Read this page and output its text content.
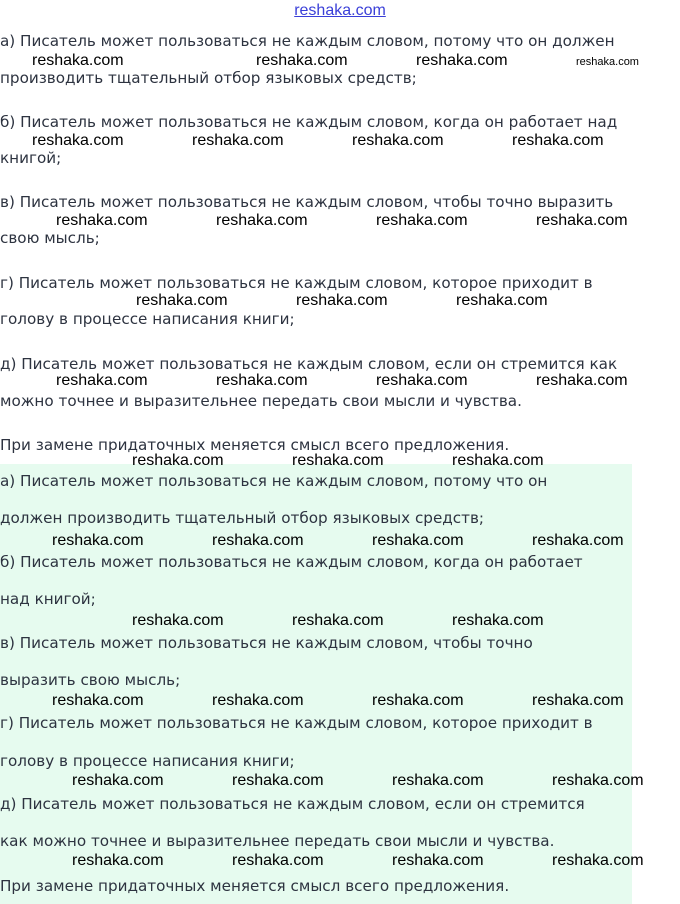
reshaka.com
а) Писатель может пользоваться не каждым словом, потому что он должен
производить тщательный отбор языковых средств;
б) Писатель может пользоваться не каждым словом, когда он работает над
книгой;
в) Писатель может пользоваться не каждым словом, чтобы точно выразить
свою мысль;
г) Писатель может пользоваться не каждым словом, которое приходит в
голову в процессе написания книги;
д) Писатель может пользоваться не каждым словом, если он стремится как
можно точнее и выразительнее передать свои мысли и чувства.
При замене придаточных меняется смысл всего предложения.
а) Писатель может пользоваться не каждым словом, потому что он
должен производить тщательный отбор языковых средств;
б) Писатель может пользоваться не каждым словом, когда он работает
над книгой;
в) Писатель может пользоваться не каждым словом, чтобы точно
выразить свою мысль;
г) Писатель может пользоваться не каждым словом, которое приходит в
голову в процессе написания книги;
д) Писатель может пользоваться не каждым словом, если он стремится
как можно точнее и выразительнее передать свои мысли и чувства.
При замене придаточных меняется смысл всего предложения.
reshaka.com	reshaka.com	reshaka.com	reshaka.com
reshaka.com	reshaka.com	reshaka.com	reshaka.com
reshaka.com	reshaka.com	reshaka.com	reshaka.com
reshaka.com	reshaka.com	reshaka.com
reshaka.com	reshaka.com	reshaka.com	reshaka.com
reshaka.com	reshaka.com	reshaka.com
reshaka.com	reshaka.com	reshaka.com	reshaka.com
reshaka.com	reshaka.com	reshaka.com
reshaka.com	reshaka.com	reshaka.com	reshaka.com
reshaka.com	reshaka.com	reshaka.com	reshaka.com
reshaka.com	reshaka.com	reshaka.com	reshaka.com
